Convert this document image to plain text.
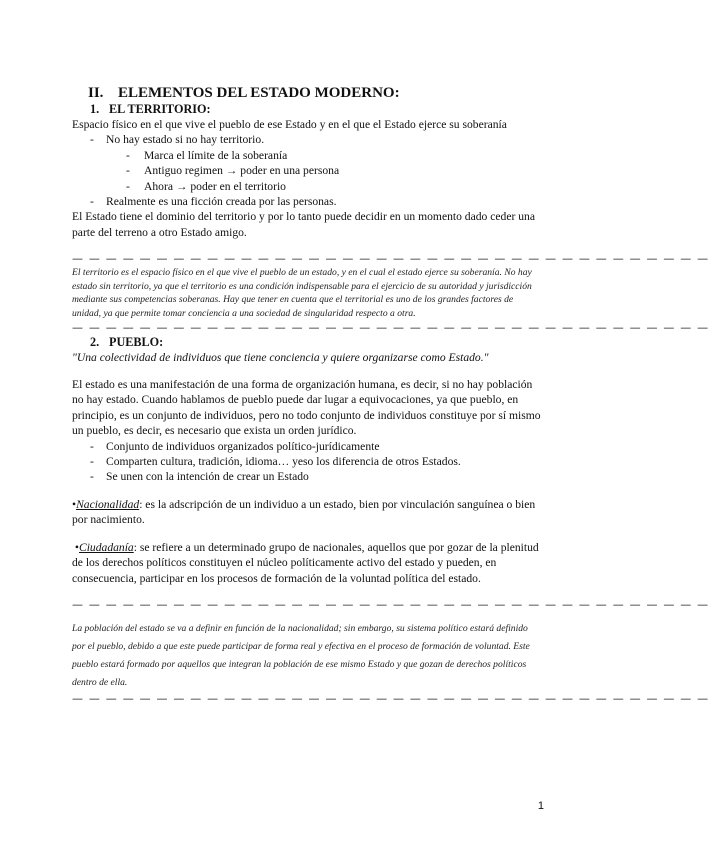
II. ELEMENTOS DEL ESTADO MODERNO:
1. EL TERRITORIO:

Espacio físico en el que vive el pueblo de ese Estado y en el que el Estado ejerce su soberanía

- No hay estado si no hay territorio.
- Marca el límite de la soberanía
- Antiguo regimen → poder en una persona
- Ahora → poder en el territorio
- Realmente es una ficción creada por las personas.

El Estado tiene el dominio del territorio y por lo tanto puede decidir en un momento dado ceder una parte del terreno a otro Estado amigo.

— — — — — — — — — — — — — — — — — — — — — — — — — — — — — — — — — — — — — —

El territorio es el espacio físico en el que vive el pueblo de un estado, y en el cual el estado ejerce su soberanía. No hay estado sin territorio, ya que el territorio es una condición indispensable para el ejercicio de su autoridad y jurisdicción mediante sus competencias soberanas. Hay que tener en cuenta que el territorial es uno de los grandes factores de unidad, ya que permite tomar conciencia a una sociedad de singularidad respecto a otra.

— — — — — — — — — — — — — — — — — — — — — — — — — — — — — — — — — — — — — —
2. PUEBLO:

"Una colectividad de individuos que tiene conciencia y quiere organizarse como Estado."

El estado es una manifestación de una forma de organización humana, es decir, si no hay población no hay estado. Cuando hablamos de pueblo puede dar lugar a equivocaciones, ya que pueblo, en principio, es un conjunto de individuos, pero no todo conjunto de individuos constituye por sí mismo un pueblo, es decir, es necesario que exista un orden jurídico.

- Conjunto de individuos organizados político-jurídicamente
- Comparten cultura, tradición, idioma… yeso los diferencia de otros Estados.
- Se unen con la intención de crear un Estado

•Nacionalidad: es la adscripción de un individuo a un estado, bien por vinculación sanguínea o bien por nacimiento.

•Ciudadanía: se refiere a un determinado grupo de nacionales, aquellos que por gozar de la plenitud de los derechos políticos constituyen el núcleo políticamente activo del estado y pueden, en consecuencia, participar en los procesos de formación de la voluntad política del estado.

— — — — — — — — — — — — — — — — — — — — — — — — — — — — — — — — — — — — — —

La población del estado se va a definir en función de la nacionalidad; sin embargo, su sistema político estará definido por el pueblo, debido a que este puede participar de forma real y efectiva en el proceso de formación de voluntad. Este pueblo estará formado por aquellos que integran la población de ese mismo Estado y que gozan de derechos políticos dentro de ella.

— — — — — — — — — — — — — — — — — — — — — — — — — — — — — — — — — — — — — —
1
